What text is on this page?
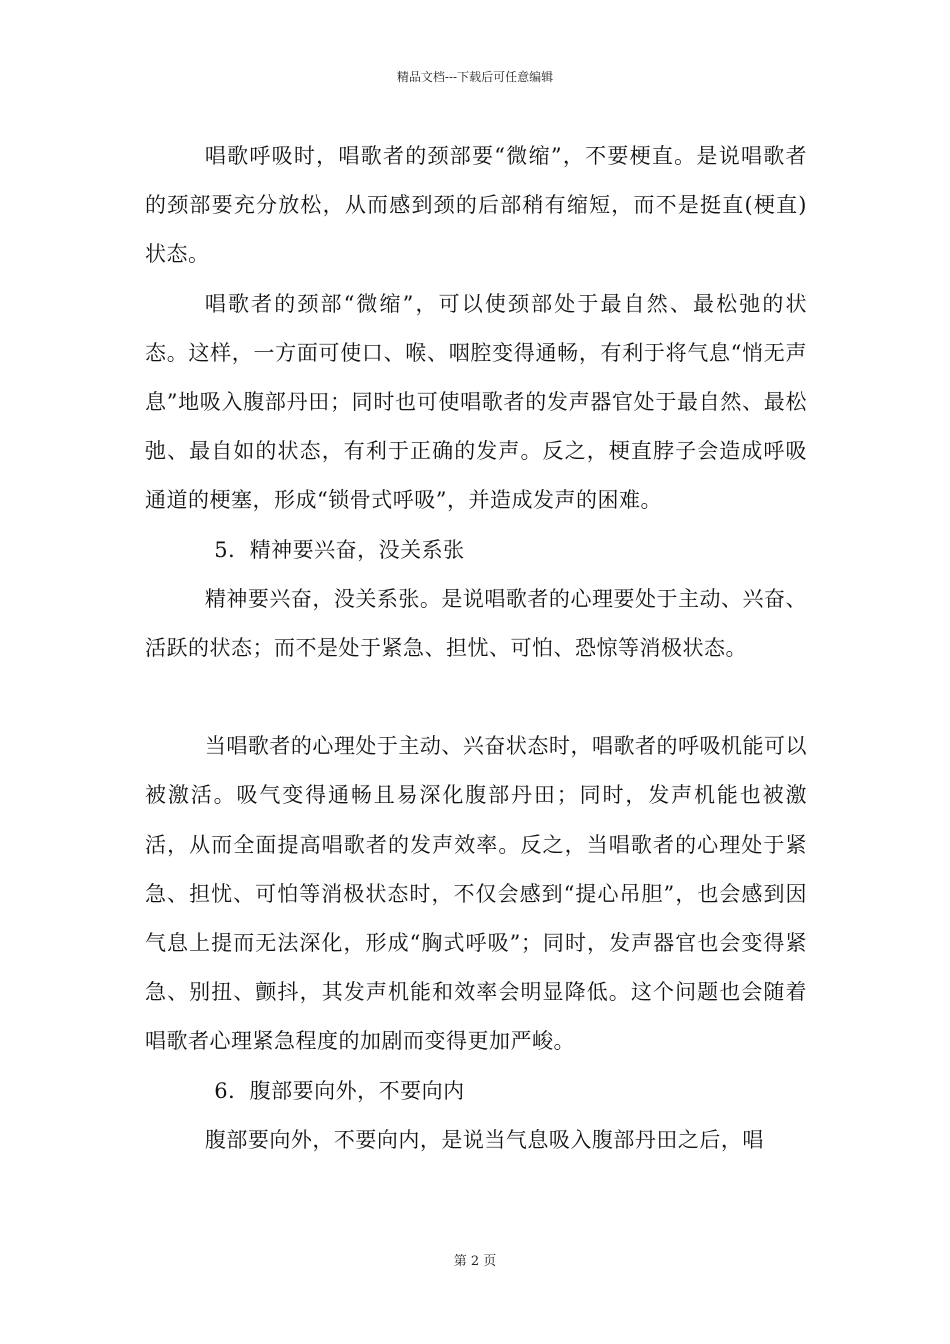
精品文档---下载后可任意编辑

唱歌呼吸时，唱歌者的颈部要“微缩”，不要梗直。是说唱歌者的颈部要充分放松，从而感到颈的后部稍有缩短，而不是挺直(梗直)状态。

唱歌者的颈部“微缩”，可以使颈部处于最自然、最松弛的状态。这样，一方面可使口、喉、咽腔变得通畅，有利于将气息“悄无声息”地吸入腹部丹田；同时也可使唱歌者的发声器官处于最自然、最松弛、最自如的状态，有利于正确的发声。反之，梗直脖子会造成呼吸通道的梗塞，形成“锁骨式呼吸”，并造成发声的困难。

5．精神要兴奋，没关系张

精神要兴奋，没关系张。是说唱歌者的心理要处于主动、兴奋、活跃的状态；而不是处于紧急、担忧、可怕、恐惊等消极状态。

当唱歌者的心理处于主动、兴奋状态时，唱歌者的呼吸机能可以被激活。吸气变得通畅且易深化腹部丹田；同时，发声机能也被激活，从而全面提高唱歌者的发声效率。反之，当唱歌者的心理处于紧急、担忧、可怕等消极状态时，不仅会感到“提心吊胆”，也会感到因气息上提而无法深化，形成“胸式呼吸”；同时，发声器官也会变得紧急、别扭、颤抖，其发声机能和效率会明显降低。这个问题也会随着唱歌者心理紧急程度的加剧而变得更加严峻。

6．腹部要向外，不要向内

腹部要向外，不要向内，是说当气息吸入腹部丹田之后，唱

第 2 页
